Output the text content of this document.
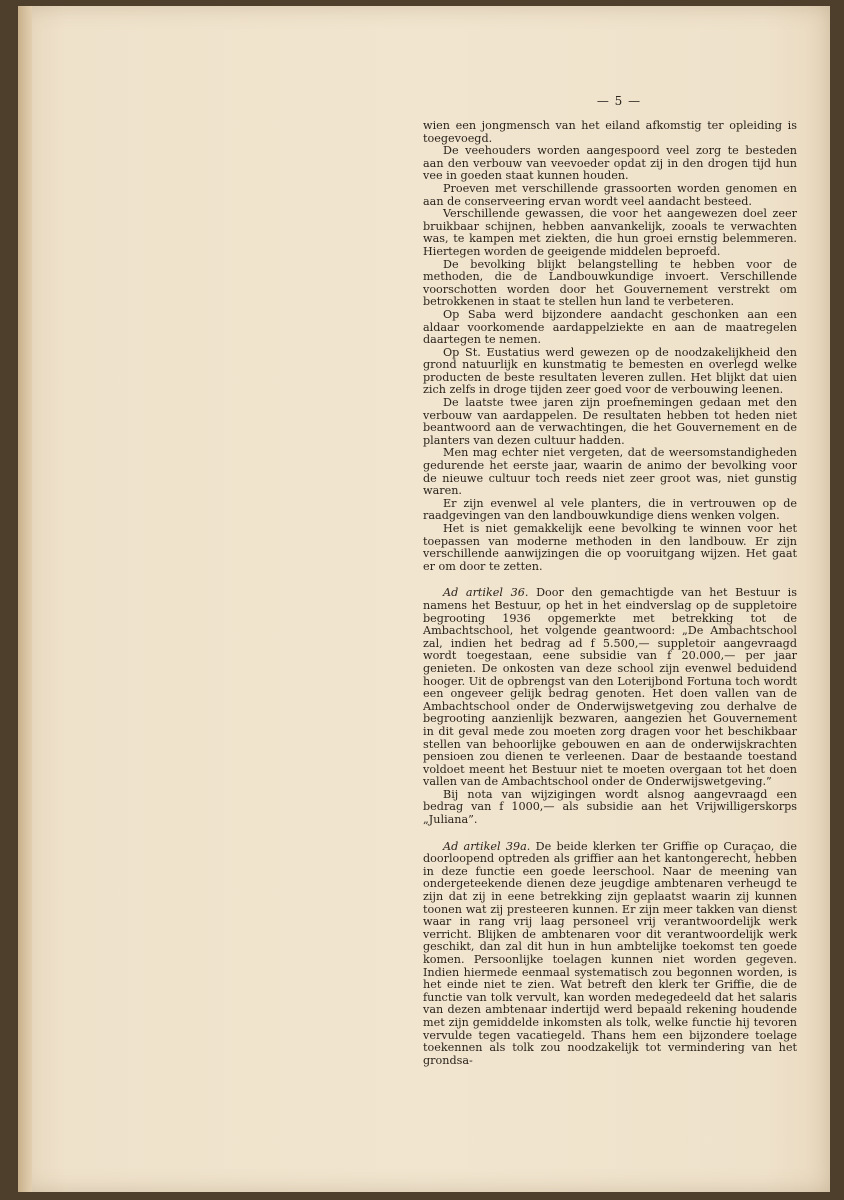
— 5 —

wien een jongmensch van het eiland afkomstig ter opleiding is toegevoegd.

De veehouders worden aangespoord veel zorg te besteden aan den verbouw van veevoeder opdat zij in den drogen tijd hun vee in goeden staat kunnen houden.

Proeven met verschillende grassoorten worden genomen en aan de conserveering ervan wordt veel aandacht besteed.

Verschillende gewassen, die voor het aangewezen doel zeer bruikbaar schijnen, hebben aanvankelijk, zooals te verwachten was, te kampen met ziekten, die hun groei ernstig belemmeren. Hiertegen worden de geeigende middelen beproefd.

De bevolking blijkt belangstelling te hebben voor de methoden, die de Landbouwkundige invoert. Verschillende voorschotten worden door het Gouvernement verstrekt om betrokkenen in staat te stellen hun land te verbeteren.

Op Saba werd bijzondere aandacht geschonken aan een aldaar voorkomende aardappelziekte en aan de maatregelen daartegen te nemen.

Op St. Eustatius werd gewezen op de noodzakelijkheid den grond natuurlijk en kunstmatig te bemesten en overlegd welke producten de beste resultaten leveren zullen. Het blijkt dat uien zich zelfs in droge tijden zeer goed voor de verbouwing leenen.

De laatste twee jaren zijn proefnemingen gedaan met den verbouw van aardappelen. De resultaten hebben tot heden niet beantwoord aan de verwachtingen, die het Gouvernement en de planters van dezen cultuur hadden.

Men mag echter niet vergeten, dat de weersomstandigheden gedurende het eerste jaar, waarin de animo der bevolking voor de nieuwe cultuur toch reeds niet zeer groot was, niet gunstig waren.

Er zijn evenwel al vele planters, die in vertrouwen op de raadgevingen van den landbouwkundige diens wenken volgen.

Het is niet gemakkelijk eene bevolking te winnen voor het toepassen van moderne methoden in den landbouw. Er zijn verschillende aanwijzingen die op vooruitgang wijzen. Het gaat er om door te zetten.

Ad artikel 36. Door den gemachtigde van het Bestuur is namens het Bestuur, op het in het eindverslag op de suppletoire begrooting 1936 opgemerkte met betrekking tot de Ambachtschool, het volgende geantwoord: „De Ambachtschool zal, indien het bedrag ad f 5.500,— suppletoir aangevraagd wordt toegestaan, eene subsidie van f 20.000,— per jaar genieten. De onkosten van deze school zijn evenwel beduidend hooger. Uit de opbrengst van den Loterijbond Fortuna toch wordt een ongeveer gelijk bedrag genoten. Het doen vallen van de Ambachtschool onder de Onderwijswetgeving zou derhalve de begrooting aanzienlijk bezwaren, aangezien het Gouvernement in dit geval mede zou moeten zorg dragen voor het beschikbaar stellen van behoorlijke gebouwen en aan de onderwijskrachten pensioen zou dienen te verleenen. Daar de bestaande toestand voldoet meent het Bestuur niet te moeten overgaan tot het doen vallen van de Ambachtschool onder de Onderwijswetgeving.”

Bij nota van wijzigingen wordt alsnog aangevraagd een bedrag van f 1000,— als subsidie aan het Vrijwilligerskorps „Juliana”.

Ad artikel 39a. De beide klerken ter Griffie op Curaçao, die doorloopend optreden als griffier aan het kantongerecht, hebben in deze functie een goede leerschool. Naar de meening van ondergeteekende dienen deze jeugdige ambtenaren verheugd te zijn dat zij in eene betrekking zijn geplaatst waarin zij kunnen toonen wat zij presteeren kunnen. Er zijn meer takken van dienst waar in rang vrij laag personeel vrij verantwoordelijk werk verricht. Blijken de ambtenaren voor dit verantwoordelijk werk geschikt, dan zal dit hun in hun ambtelijke toekomst ten goede komen. Persoonlijke toelagen kunnen niet worden gegeven. Indien hiermede eenmaal systematisch zou begonnen worden, is het einde niet te zien. Wat betreft den klerk ter Griffie, die de functie van tolk vervult, kan worden medegedeeld dat het salaris van dezen ambtenaar indertijd werd bepaald rekening houdende met zijn gemiddelde inkomsten als tolk, welke functie hij tevoren vervulde tegen vacatiegeld. Thans hem een bijzondere toelage toekennen als tolk zou noodzakelijk tot vermindering van het grondsa-
